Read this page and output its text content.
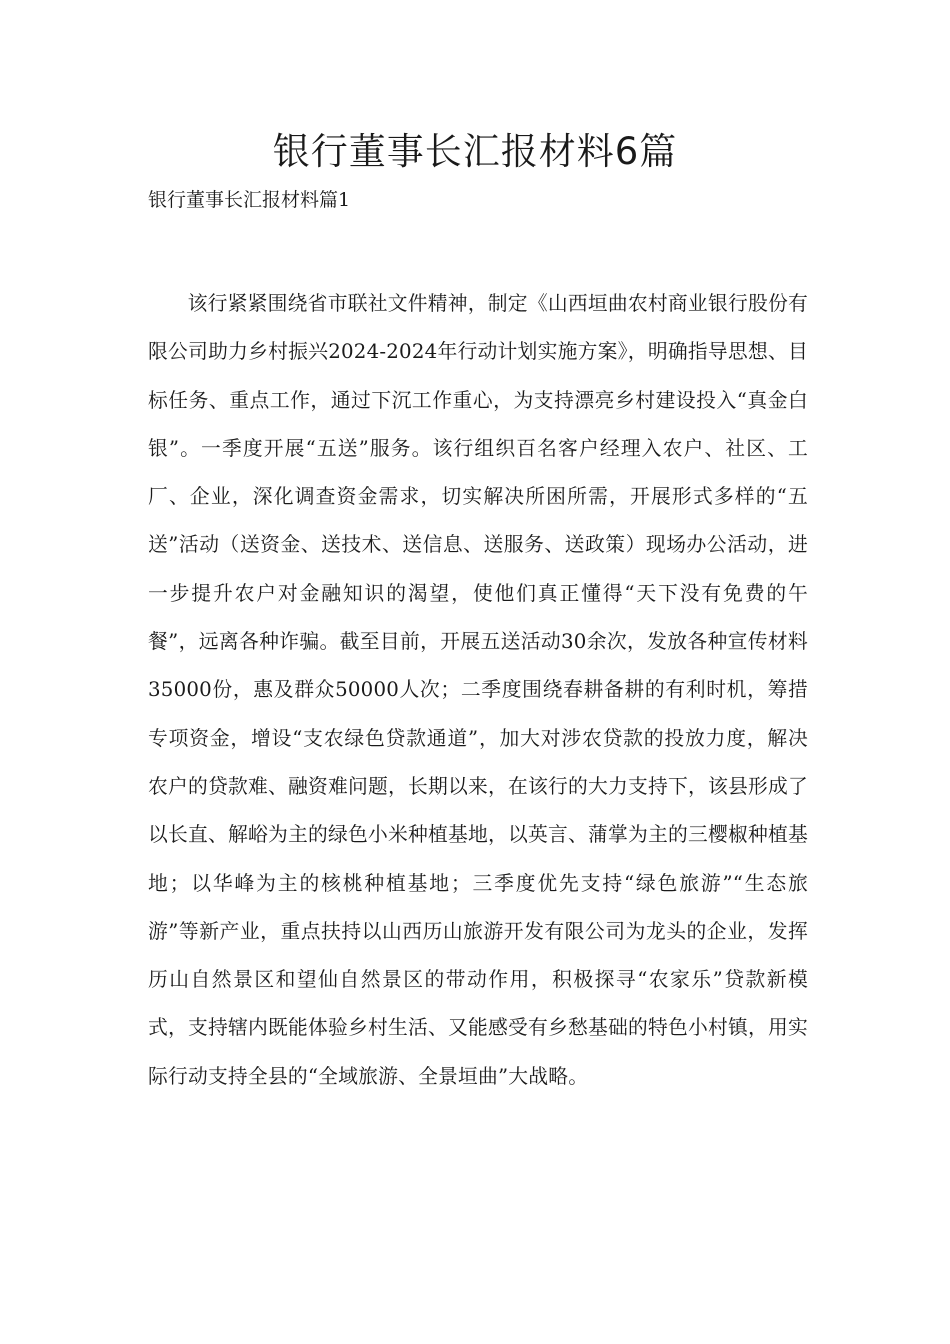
银行董事长汇报材料6篇
银行董事长汇报材料篇1

该行紧紧围绕省市联社文件精神，制定《山西垣曲农村商业银行股份有限公司助力乡村振兴2024-2024年行动计划实施方案》，明确指导思想、目标任务、重点工作，通过下沉工作重心，为支持漂亮乡村建设投入“真金白银”。一季度开展“五送”服务。该行组织百名客户经理入农户、社区、工厂、企业，深化调查资金需求，切实解决所困所需，开展形式多样的“五送”活动（送资金、送技术、送信息、送服务、送政策）现场办公活动，进一步提升农户对金融知识的渴望，使他们真正懂得“天下没有免费的午餐”，远离各种诈骗。截至目前，开展五送活动30余次，发放各种宣传材料35000份，惠及群众50000人次；二季度围绕春耕备耕的有利时机，筹措专项资金，增设“支农绿色贷款通道”，加大对涉农贷款的投放力度，解决农户的贷款难、融资难问题，长期以来，在该行的大力支持下，该县形成了以长直、解峪为主的绿色小米种植基地，以英言、蒲掌为主的三樱椒种植基地；以华峰为主的核桃种植基地；三季度优先支持“绿色旅游”“生态旅游”等新产业，重点扶持以山西历山旅游开发有限公司为龙头的企业，发挥历山自然景区和望仙自然景区的带动作用，积极探寻“农家乐”贷款新模式，支持辖内既能体验乡村生活、又能感受有乡愁基础的特色小村镇，用实际行动支持全县的“全域旅游、全景垣曲”大战略。
